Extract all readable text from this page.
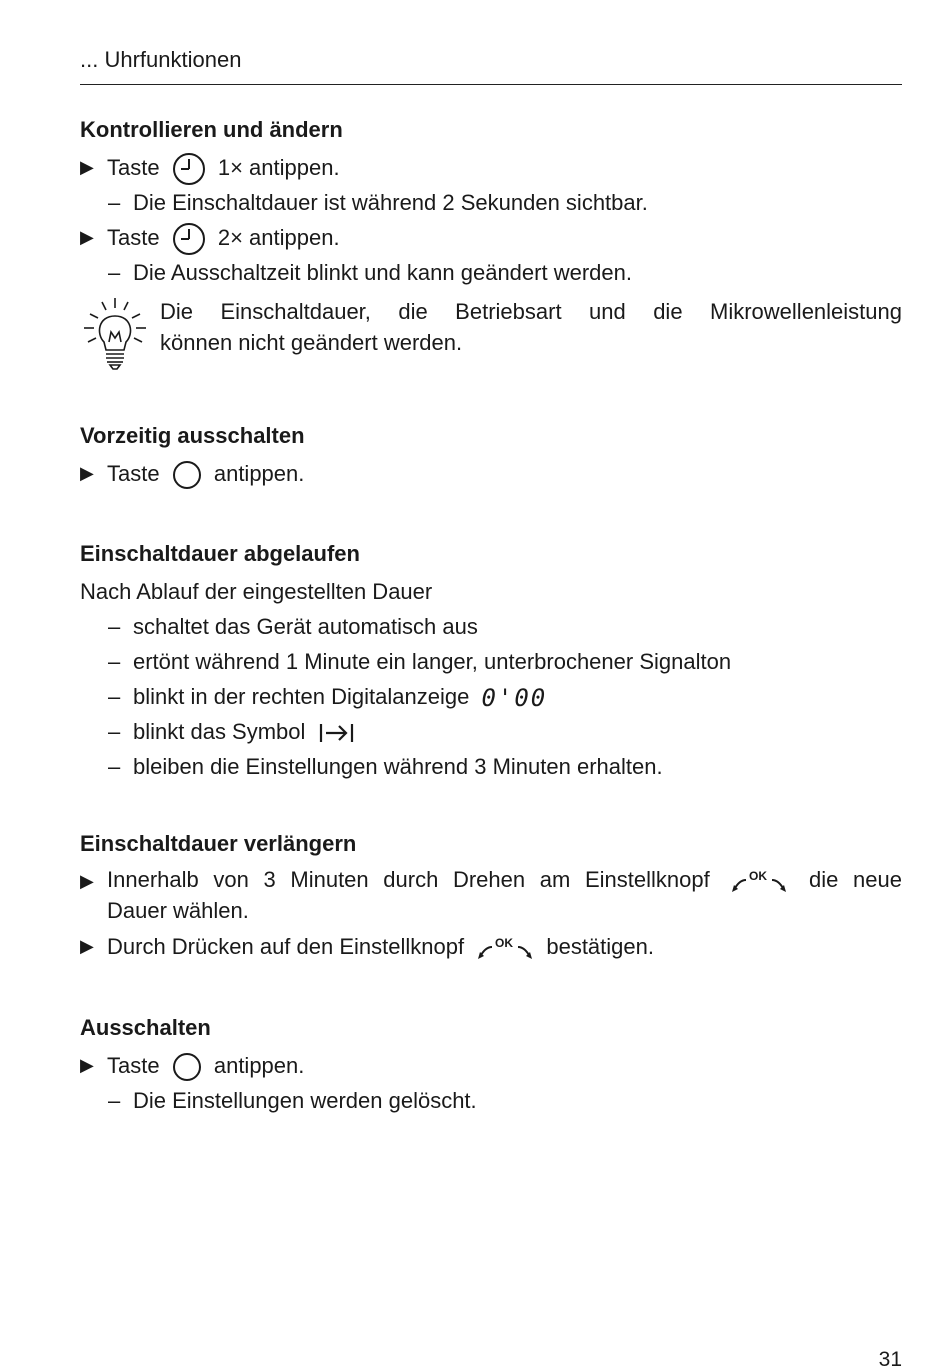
... Uhrfunktionen
Kontrollieren und ändern
▶ Taste	1× antippen.
– Die Einschaltdauer ist während 2 Sekunden sichtbar.
▶ Taste	2× antippen.
– Die Ausschaltzeit blinkt und kann geändert werden.
Die Einschaltdauer, die Betriebsart und die Mikrowellenleistung
können nicht geändert werden.
Vorzeitig ausschalten
▶ Taste antippen.
Einschaltdauer abgelaufen
Nach Ablauf der eingestellten Dauer
– schaltet das Gerät automatisch aus
– ertönt während 1 Minute ein langer, unterbrochener Signalton
– blinkt in der rechten Digitalanzeige 0'00
– blinkt das Symbol
– bleiben die Einstellungen während 3 Minuten erhalten.
Einschaltdauer verlängern
▶ Innerhalb von 3 Minuten durch Drehen am Einstellknopf	OK die neue
Dauer wählen.
▶ Durch Drücken auf den Einstellknopf	OK bestätigen.
Ausschalten
▶ Taste antippen.
– Die Einstellungen werden gelöscht.
31
